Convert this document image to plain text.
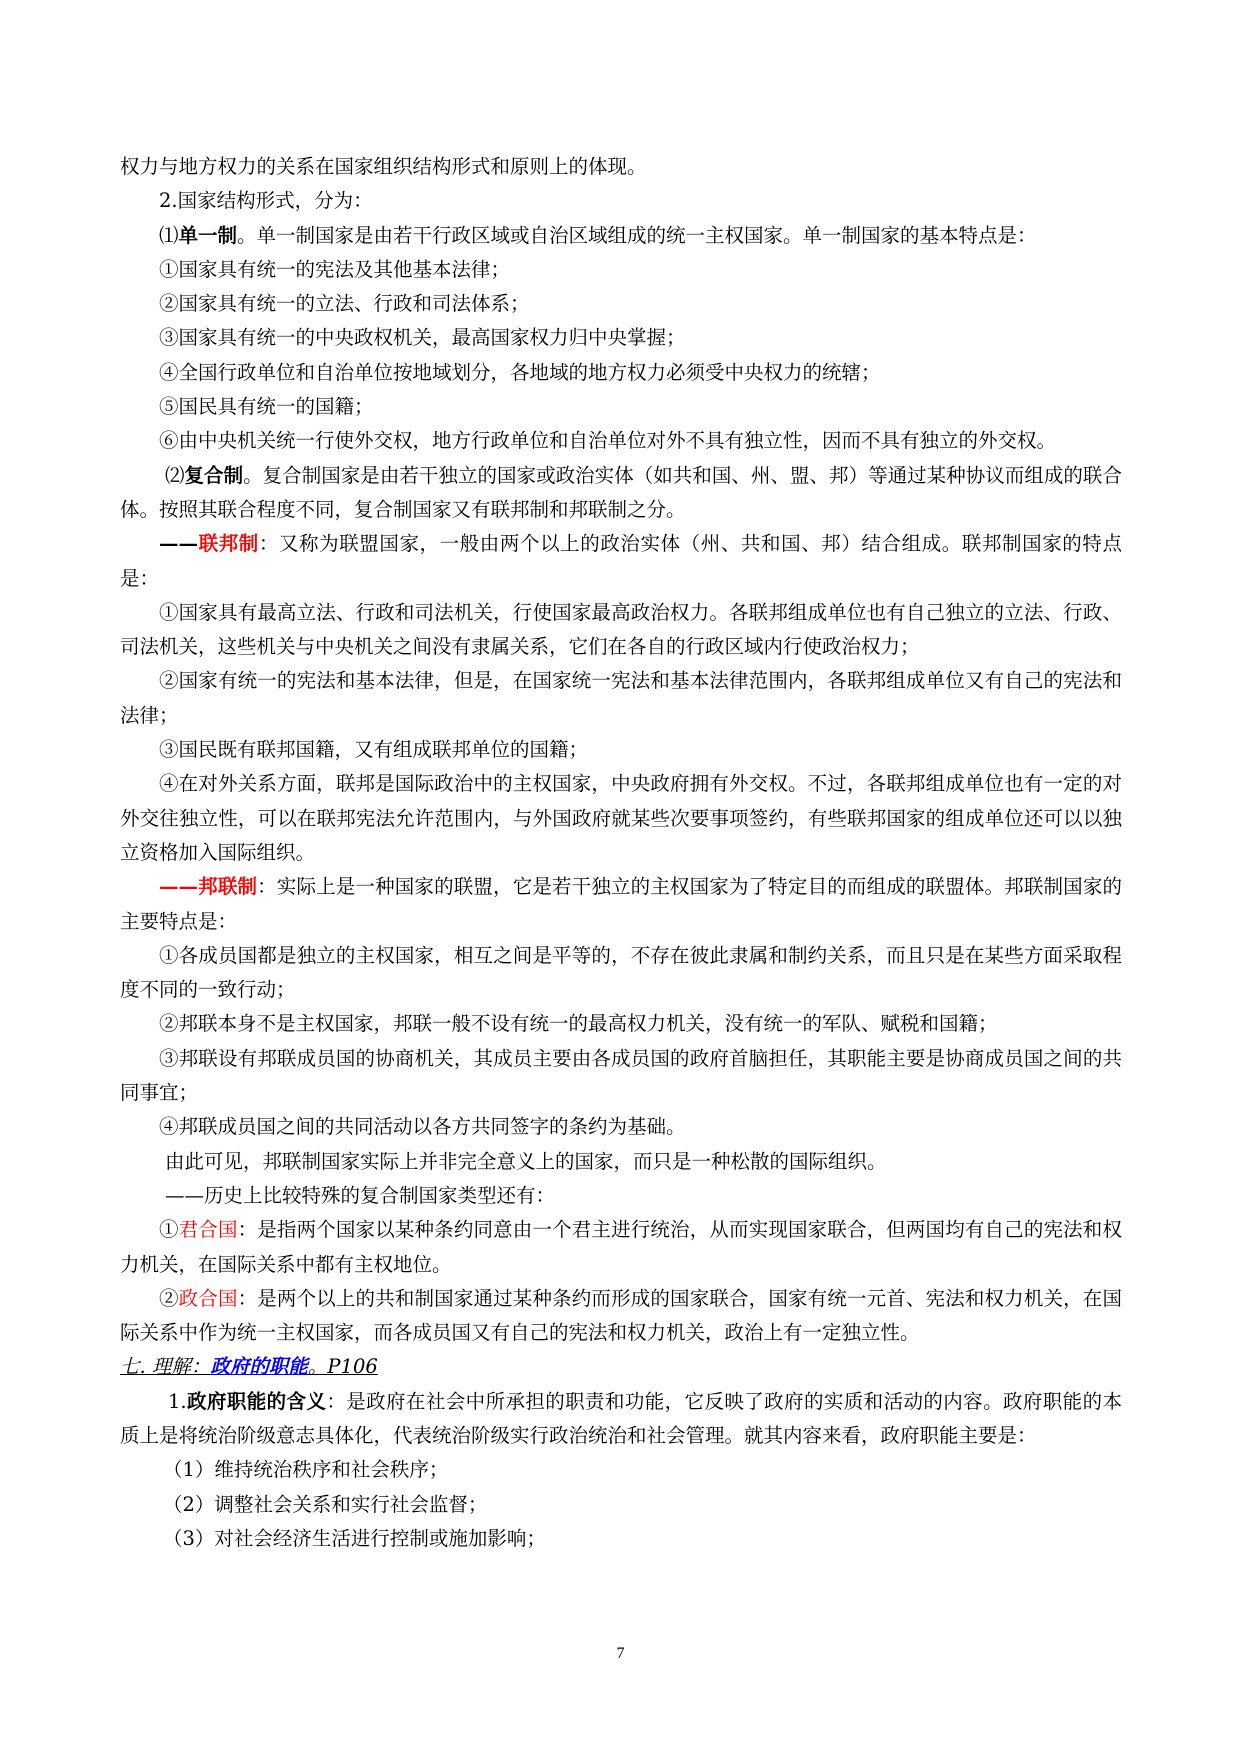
权力与地方权力的关系在国家组织结构形式和原则上的体现。

2.国家结构形式，分为：

⑴单一制。单一制国家是由若干行政区域或自治区域组成的统一主权国家。单一制国家的基本特点是：

①国家具有统一的宪法及其他基本法律；

②国家具有统一的立法、行政和司法体系；

③国家具有统一的中央政权机关，最高国家权力归中央掌握；

④全国行政单位和自治单位按地域划分，各地域的地方权力必须受中央权力的统辖；

⑤国民具有统一的国籍；

⑥由中央机关统一行使外交权，地方行政单位和自治单位对外不具有独立性，因而不具有独立的外交权。

⑵复合制。复合制国家是由若干独立的国家或政治实体（如共和国、州、盟、邦）等通过某种协议而组成的联合体。按照其联合程度不同，复合制国家又有联邦制和邦联制之分。

——联邦制：又称为联盟国家，一般由两个以上的政治实体（州、共和国、邦）结合组成。联邦制国家的特点是：

①国家具有最高立法、行政和司法机关，行使国家最高政治权力。各联邦组成单位也有自己独立的立法、行政、司法机关，这些机关与中央机关之间没有隶属关系，它们在各自的行政区域内行使政治权力；

②国家有统一的宪法和基本法律，但是，在国家统一宪法和基本法律范围内，各联邦组成单位又有自己的宪法和法律；

③国民既有联邦国籍，又有组成联邦单位的国籍；

④在对外关系方面，联邦是国际政治中的主权国家，中央政府拥有外交权。不过，各联邦组成单位也有一定的对外交往独立性，可以在联邦宪法允许范围内，与外国政府就某些次要事项签约，有些联邦国家的组成单位还可以以独立资格加入国际组织。

——邦联制：实际上是一种国家的联盟，它是若干独立的主权国家为了特定目的而组成的联盟体。邦联制国家的主要特点是：

①各成员国都是独立的主权国家，相互之间是平等的，不存在彼此隶属和制约关系，而且只是在某些方面采取程度不同的一致行动；

②邦联本身不是主权国家，邦联一般不设有统一的最高权力机关，没有统一的军队、赋税和国籍；

③邦联设有邦联成员国的协商机关，其成员主要由各成员国的政府首脑担任，其职能主要是协商成员国之间的共同事宜；

④邦联成员国之间的共同活动以各方共同签字的条约为基础。

由此可见，邦联制国家实际上并非完全意义上的国家，而只是一种松散的国际组织。

——历史上比较特殊的复合制国家类型还有：

①君合国：是指两个国家以某种条约同意由一个君主进行统治，从而实现国家联合，但两国均有自己的宪法和权力机关，在国际关系中都有主权地位。

②政合国：是两个以上的共和制国家通过某种条约而形成的国家联合，国家有统一元首、宪法和权力机关，在国际关系中作为统一主权国家，而各成员国又有自己的宪法和权力机关，政治上有一定独立性。

七. 理解：政府的职能。P106

1.政府职能的含义：是政府在社会中所承担的职责和功能，它反映了政府的实质和活动的内容。政府职能的本质上是将统治阶级意志具体化，代表统治阶级实行政治统治和社会管理。就其内容来看，政府职能主要是：

（1）维持统治秩序和社会秩序；

（2）调整社会关系和实行社会监督；

（3）对社会经济生活进行控制或施加影响；

7
